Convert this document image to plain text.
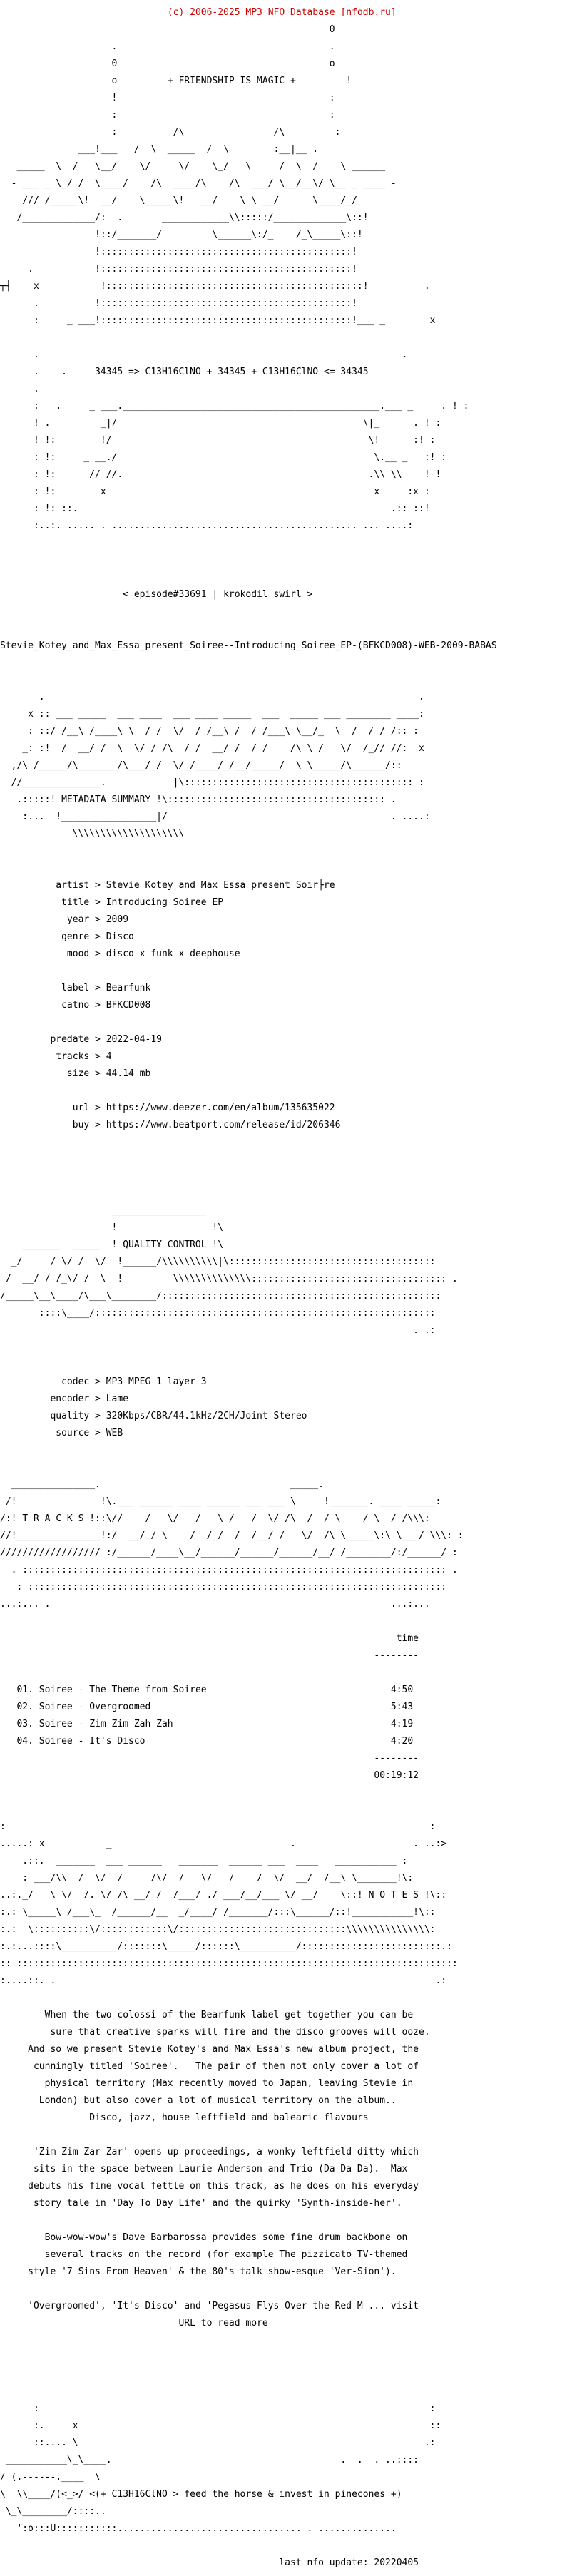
(c) 2006-2025 MP3 NFO Database [nfodb.ru]

0

.                                      .

0                                      o

o         + FRIENDSHIP IS MAGIC +         !

!                                      :

:                                      :

:          /\                /\         :

___!___   /  \  _____  /  \        :__|__ .

_____  \  /   \__/    \/     \/    \_/   \     /  \  /    \ ______

- ___ _ \_/ /  \____/    /\  ____/\    /\  ___/ \__/__\/ \__ _ ____ -

/// /_____\!  __/    \_____\!   __/    \ \ __/      \____/_/

/_____________/:  .       ____________\\:::::/_____________\::!

!::/_______/         \______\:/_    /_\_____\::!

!:::::::::::::::::::::::::::::::::::::::::::::!

.           !:::::::::::::::::::::::::::::::::::::::::::::!

┬┤    x           !::::::::::::::::::::::::::::::::::::::::::::::!          .

.          !:::::::::::::::::::::::::::::::::::::::::::::!

:     _ ___!:::::::::::::::::::::::::::::::::::::::::::::!___ _        x

.                                                                 .

.    .     34345 => C13H16ClNO + 34345 + C13H16ClNO <= 34345

.

:   .     _ ___.______________________________________________.___ _     . ! :

! .         _|/                                            \|_      . ! :

! !:        !/                                              \!      :! :

: !:     _ __./                                              \.__ _   :! :

: !:      // //.                                            .\\ \\    ! !

: !:        x                                                x     :x :

: !: ::.                                                        .:: ::!

:..:. ..... . ............................................ ... ....:

< episode#33691 | krokodil swirl >

Stevie_Kotey_and_Max_Essa_present_Soiree--Introducing_Soiree_EP-(BFKCD008)-WEB-2009-BABAS

.                                                                   .

x :: ___ _____  ___ ____  ___ ____ _____  ___  _____ ___ ________ ____:

: ::/ /__\ /____\ \  / /  \/  / /__\ /  / /___\ \__/_  \  /  / / /:: :

_: :!  /  __/ /  \  \/ / /\  / /  __/ /  / /    /\ \ /   \/  /_// //:  x

,/\ /_____/\_______/\___/_/  \/_/____/_/__/_____/  \_\_____/\______/::

//______________.            |\::::::::::::::::::::::::::::::::::::::::: :

.:::::! METADATA SUMMARY !\::::::::::::::::::::::::::::::::::::::: .

:...  !_________________|/                                        . ....:

\\\\\\\\\\\\\\\\\\\\

artist > Stevie Kotey and Max Essa present Soir├re

title > Introducing Soiree EP

year > 2009

genre > Disco

mood > disco x funk x deephouse

label > Bearfunk

catno > BFKCD008

predate > 2022-04-19

tracks > 4

size > 44.14 mb

url > https://www.deezer.com/en/album/135635022

buy > https://www.beatport.com/release/id/206346

_________________

!                 !\

_______  _____  ! QUALITY CONTROL !\

_/     / \/ /  \/  !______/\\\\\\\\\\|\:::::::::::::::::::::::::::::::::::::

/  __/ / /_\/ /  \  !         \\\\\\\\\\\\\\::::::::::::::::::::::::::::::::::: .

/_____\__\____/\___\________/::::::::::::::::::::::::::::::::::::::::::::::::::

::::\____/:::::::::::::::::::::::::::::::::::::::::::::::::::::::::::::

. .:

codec > MP3 MPEG 1 layer 3

encoder > Lame

quality > 320Kbps/CBR/44.1kHz/2CH/Joint Stereo

source > WEB

_______________.                                  _____.

/!               !\.___ ______ ____ ______ ___ ___ \     !_______. ____ _____:

/:! T R A C K S !::\//    /   \/   /   \ /   /  \/ /\  /  / \    / \  / /\\\:

//!_______________!:/  __/ / \    /  /_/  /  /__/ /   \/  /\ \_____\:\ \___/ \\\: :

////////////////// :/______/____\__/______/______/______/__/ /________/:/______/ :

. :::::::::::::::::::::::::::::::::::::::::::::::::::::::::::::::::::::::::::: .

: :::::::::::::::::::::::::::::::::::::::::::::::::::::::::::::::::::::::::::

...:... .                                                             ...:...

time

--------

01. Soiree - The Theme from Soiree	4:50

02. Soiree - Overgroomed	5:43

03. Soiree - Zim Zim Zah Zah	4:19

04. Soiree - It's Disco	4:20

--------

00:19:12

:                                                                            :

.....: x           _                                .                     . ..:>

.::.  _______  ___ ______   _______  ______ ___  ____   ___________ :

: ___/\\  /  \/  /     /\/  /   \/   /    /  \/  __/  /__\ \_______!\:

..:._/   \ \/  /. \/ /\ __/ /  /___/ ./ ___/__/___ \/ __/    \::! N O T E S !\::

:.: \_____\ /___\_  /______/__  _/____/ /_______/:::\______/::!___________!\::

:.:  \::::::::::\/::::::::::::\/::::::::::::::::::::::::::::::\\\\\\\\\\\\\\\:

:.:...::::\__________/:::::::\_____/::::::\__________/:::::::::::::::::::::::::.:

:: :::::::::::::::::::::::::::::::::::::::::::::::::::::::::::::::::::::::::::::::

:....::. .                                                                    .:

When the two colossi of the Bearfunk label get together you can be

sure that creative sparks will fire and the disco grooves will ooze.

And so we present Stevie Kotey's and Max Essa's new album project, the

cunningly titled 'Soiree'.   The pair of them not only cover a lot of

physical territory (Max recently moved to Japan, leaving Stevie in

London) but also cover a lot of musical territory on the album..

Disco, jazz, house leftfield and balearic flavours

'Zim Zim Zar Zar' opens up proceedings, a wonky leftfield ditty which

sits in the space between Laurie Anderson and Trio (Da Da Da).  Max

debuts his fine vocal fettle on this track, as he does on his everyday

story tale in 'Day To Day Life' and the quirky 'Synth-inside-her'.

Bow-wow-wow's Dave Barbarossa provides some fine drum backbone on

several tracks on the record (for example The pizzicato TV-themed

style '7 Sins From Heaven' & the 80's talk show-esque 'Ver-Sion').

'Overgroomed', 'It's Disco' and 'Pegasus Flys Over the Red M ... visit

URL to read more

:                                                                      :

:.     x                                                               ::

::.... \                                                              .:

___________\_\____.                                         .  .  . ..::::

/ (.------.____  \

\  \\____/(<_>/ <(+ C13H16ClNO > feed the horse & invest in pinecones +)

\_\________/::::..

':o:::U:::::::::::................................. . ..............

last nfo update: 20220405
